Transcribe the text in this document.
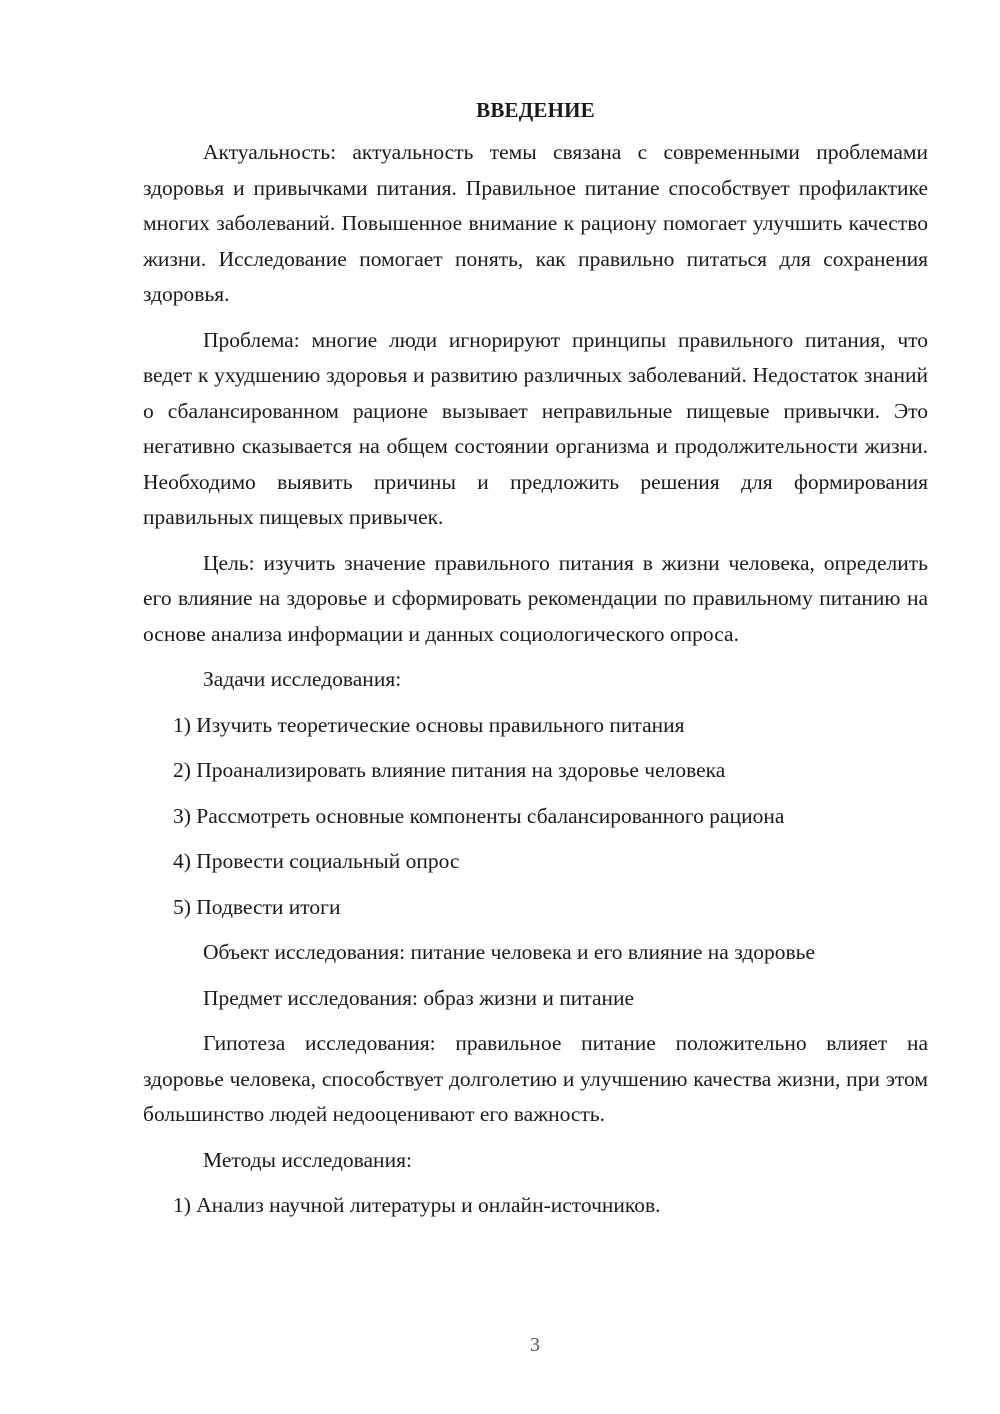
ВВЕДЕНИЕ

Актуальность: актуальность темы связана с современными проблемами здоровья и привычками питания. Правильное питание способствует профилактике многих заболеваний. Повышенное внимание к рациону помогает улучшить качество жизни. Исследование помогает понять, как правильно питаться для сохранения здоровья.

Проблема: многие люди игнорируют принципы правильного питания, что ведет к ухудшению здоровья и развитию различных заболеваний. Недостаток знаний о сбалансированном рационе вызывает неправильные пищевые привычки. Это негативно сказывается на общем состоянии организма и продолжительности жизни. Необходимо выявить причины и предложить решения для формирования правильных пищевых привычек.

Цель: изучить значение правильного питания в жизни человека, определить его влияние на здоровье и сформировать рекомендации по правильному питанию на основе анализа информации и данных социологического опроса.

Задачи исследования:
1) Изучить теоретические основы правильного питания
2) Проанализировать влияние питания на здоровье человека
3) Рассмотреть основные компоненты сбалансированного рациона
4) Провести социальный опрос
5) Подвести итоги
Объект исследования: питание человека и его влияние на здоровье
Предмет исследования: образ жизни и питание

Гипотеза исследования: правильное питание положительно влияет на здоровье человека, способствует долголетию и улучшению качества жизни, при этом большинство людей недооценивают его важность.

Методы исследования:
1) Анализ научной литературы и онлайн-источников.
3
